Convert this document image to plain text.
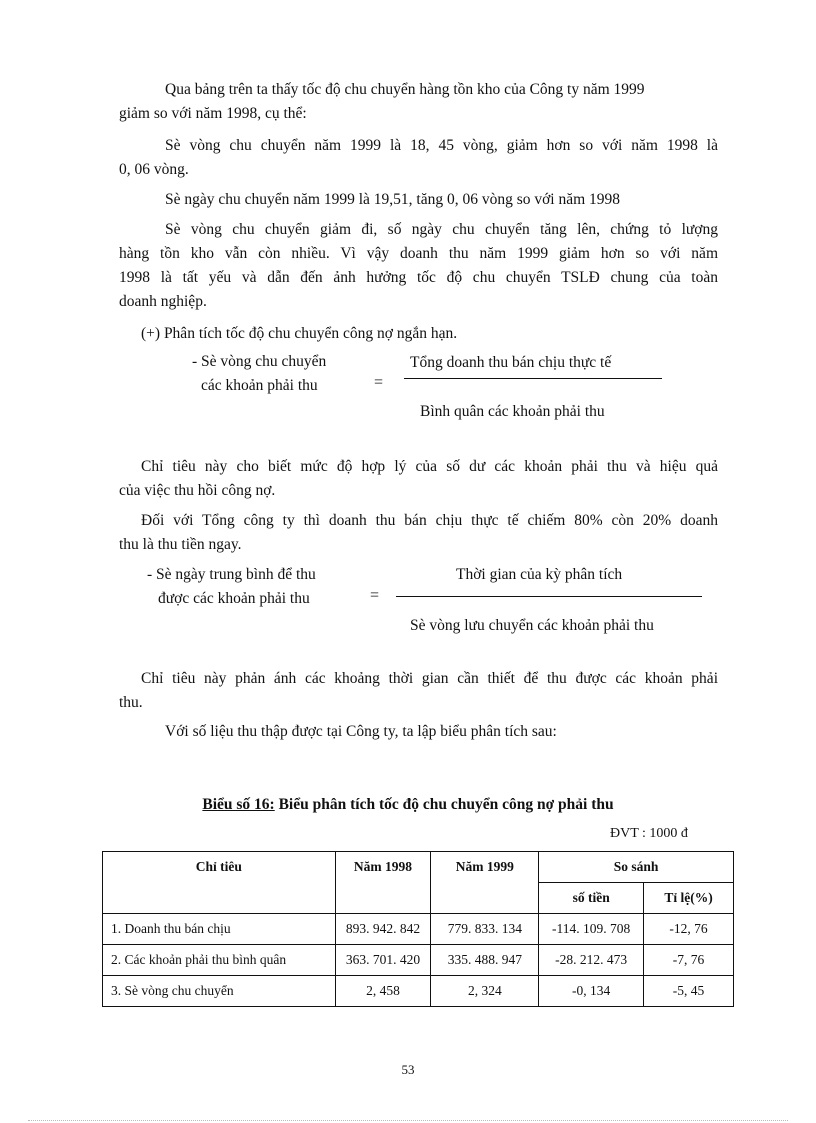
Qua bảng trên ta thấy tốc độ chu chuyển hàng tồn kho của Công ty năm 1999

giảm so với năm 1998, cụ thể:

Sè vòng chu chuyển năm 1999 là 18, 45 vòng, giảm hơn so với năm 1998 là

0, 06 vòng.

Sè ngày chu chuyển năm 1999 là 19,51, tăng 0, 06 vòng so với năm 1998

Sè vòng chu chuyển giảm đi, số ngày chu chuyển tăng lên, chứng tỏ lượng

hàng tồn kho vẫn còn nhiều. Vì vậy doanh thu năm 1999 giảm hơn so với năm

1998 là tất yếu và dẫn đến ảnh hưởng tốc độ chu chuyển TSLĐ chung của toàn

doanh nghiệp.

(+) Phân tích tốc độ chu chuyển công nợ ngắn hạn.

- Sè vòng chu chuyển

các khoản phải thu	=

Tổng doanh thu bán chịu thực tế

Bình quân các khoản phải thu

Chỉ tiêu này cho biết mức độ hợp lý của số dư các khoản phải thu và hiệu quả

của việc thu hồi công nợ.

Đối với Tổng công ty thì doanh thu bán chịu thực tế chiếm 80% còn 20% doanh

thu là thu tiền ngay.

- Sè ngày trung bình để thu

được các khoản phải thu	=

Thời gian của kỳ phân tích

Sè vòng lưu chuyển các khoản phải thu

Chỉ tiêu này phản ánh các khoảng thời gian cần thiết để thu được các khoản phải

thu.

Với số liệu thu thập được tại Công ty, ta lập biểu phân tích sau:

Biểu số 16: Biểu phân tích tốc độ chu chuyển công nợ phải thu
ĐVT : 1000 đ
Chỉ tiêu	Năm 1998	Năm 1999	So sánh	
			số tiền	Tỉ lệ(%)
1. Doanh thu bán chịu	893. 942. 842	779. 833. 134	-114. 109. 708	-12, 76
2. Các khoản phải thu bình quân	363. 701. 420	335. 488. 947	-28. 212. 473	-7, 76
3. Sè vòng chu chuyển	2, 458	2, 324	-0, 134	-5, 45
53
